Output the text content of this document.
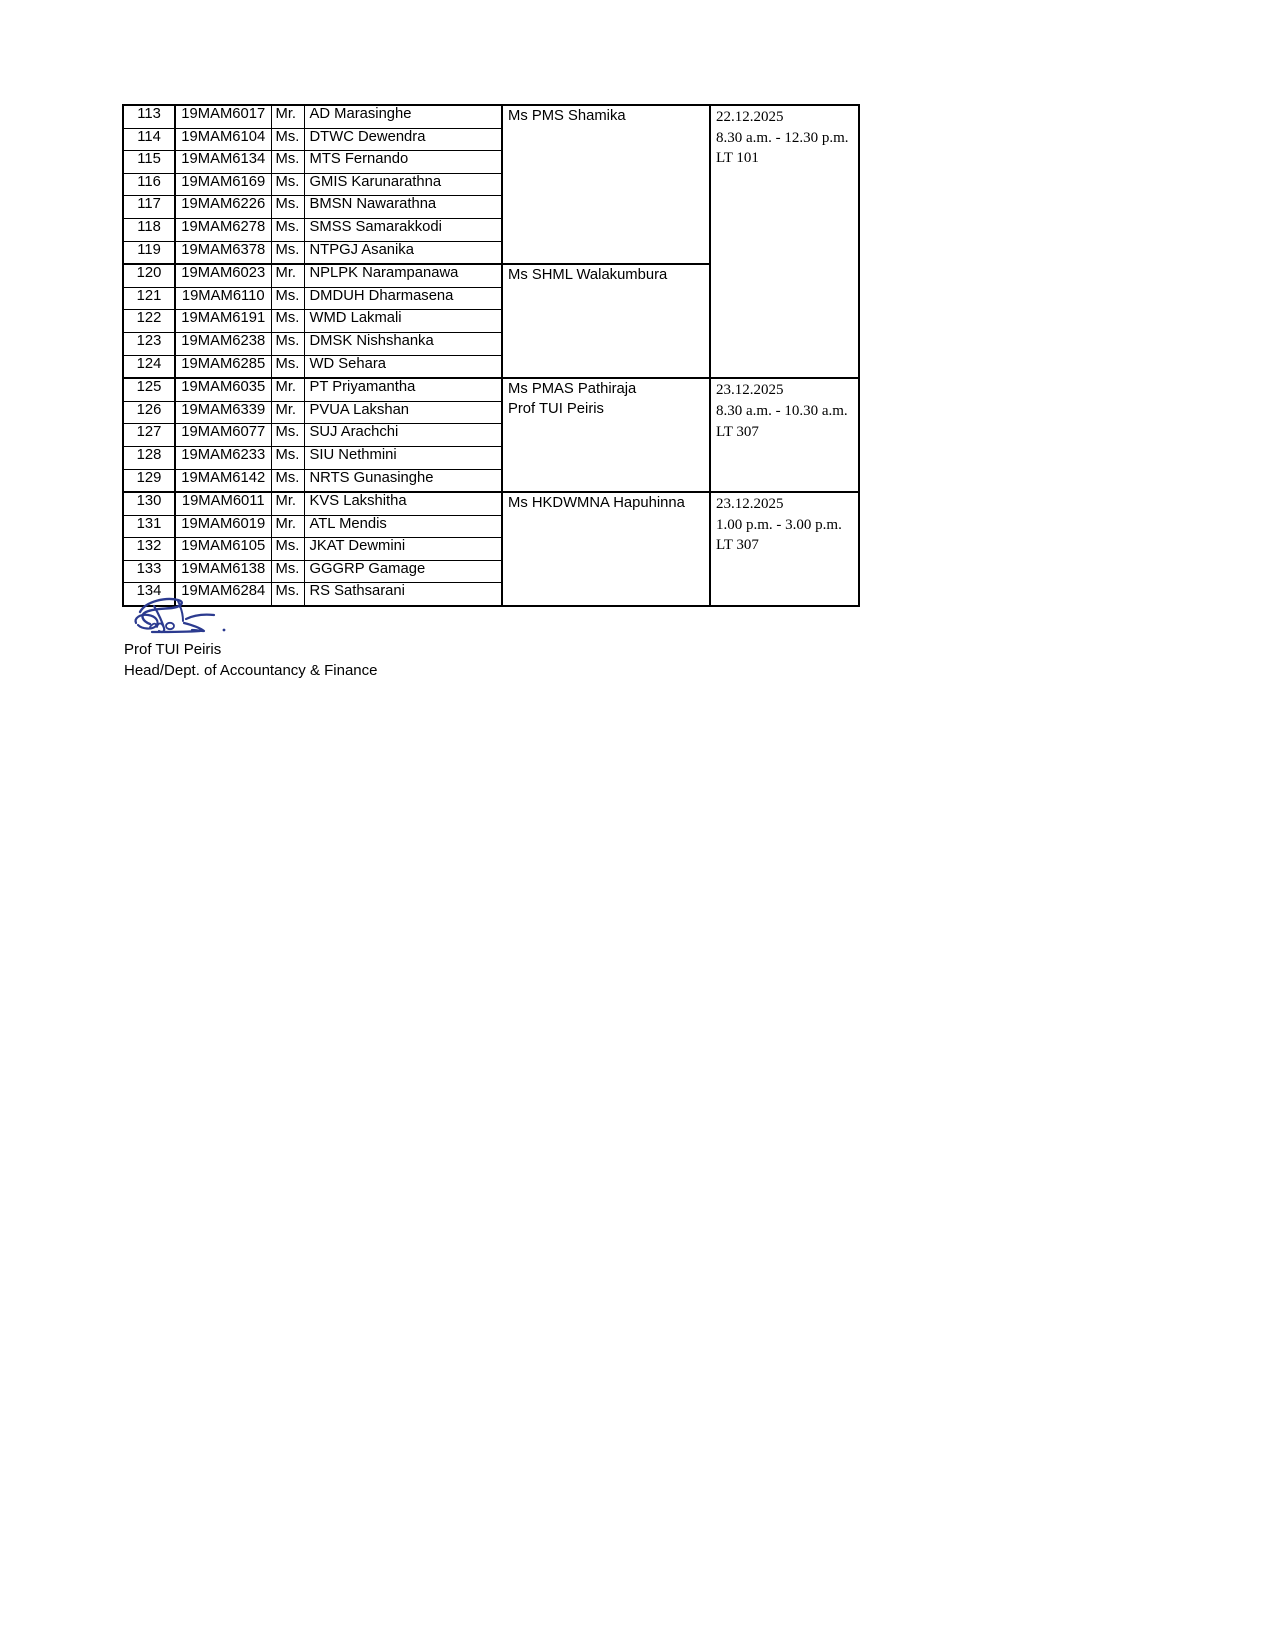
113	19MAM6017	Mr.	AD Marasinghe	Ms PMS Shamika	22.12.2025
8.30 a.m. - 12.30 p.m.
LT 101

114	19MAM6104	Ms.	DTWC Dewendra		
115	19MAM6134	Ms.	MTS Fernando		
116	19MAM6169	Ms.	GMIS Karunarathna		
117	19MAM6226	Ms.	BMSN Nawarathna		
118	19MAM6278	Ms.	SMSS Samarakkodi		
119	19MAM6378	Ms.	NTPGJ Asanika		
120	19MAM6023	Mr.	NPLPK Narampanawa	Ms SHML Walakumbura	

121	19MAM6110	Ms.	DMDUH Dharmasena		
122	19MAM6191	Ms.	WMD Lakmali		
123	19MAM6238	Ms.	DMSK Nishshanka		
124	19MAM6285	Ms.	WD Sehara		
125	19MAM6035	Mr.	PT Priyamantha	Ms PMAS Pathiraja
Prof TUI Peiris	23.12.2025
8.30 a.m. - 10.30 a.m.
LT 307

126	19MAM6339	Mr.	PVUA Lakshan		
127	19MAM6077	Ms.	SUJ Arachchi		
128	19MAM6233	Ms.	SIU Nethmini		
129	19MAM6142	Ms.	NRTS Gunasinghe		
130	19MAM6011	Mr.	KVS Lakshitha	Ms HKDWMNA Hapuhinna	23.12.2025
1.00 p.m. - 3.00 p.m.
LT 307

131	19MAM6019	Mr.	ATL Mendis		
132	19MAM6105	Ms.	JKAT Dewmini		
133	19MAM6138	Ms.	GGGRP Gamage		
134	19MAM6284	Ms.	RS Sathsarani		
Prof TUI Peiris
Head/Dept. of Accountancy & Finance
